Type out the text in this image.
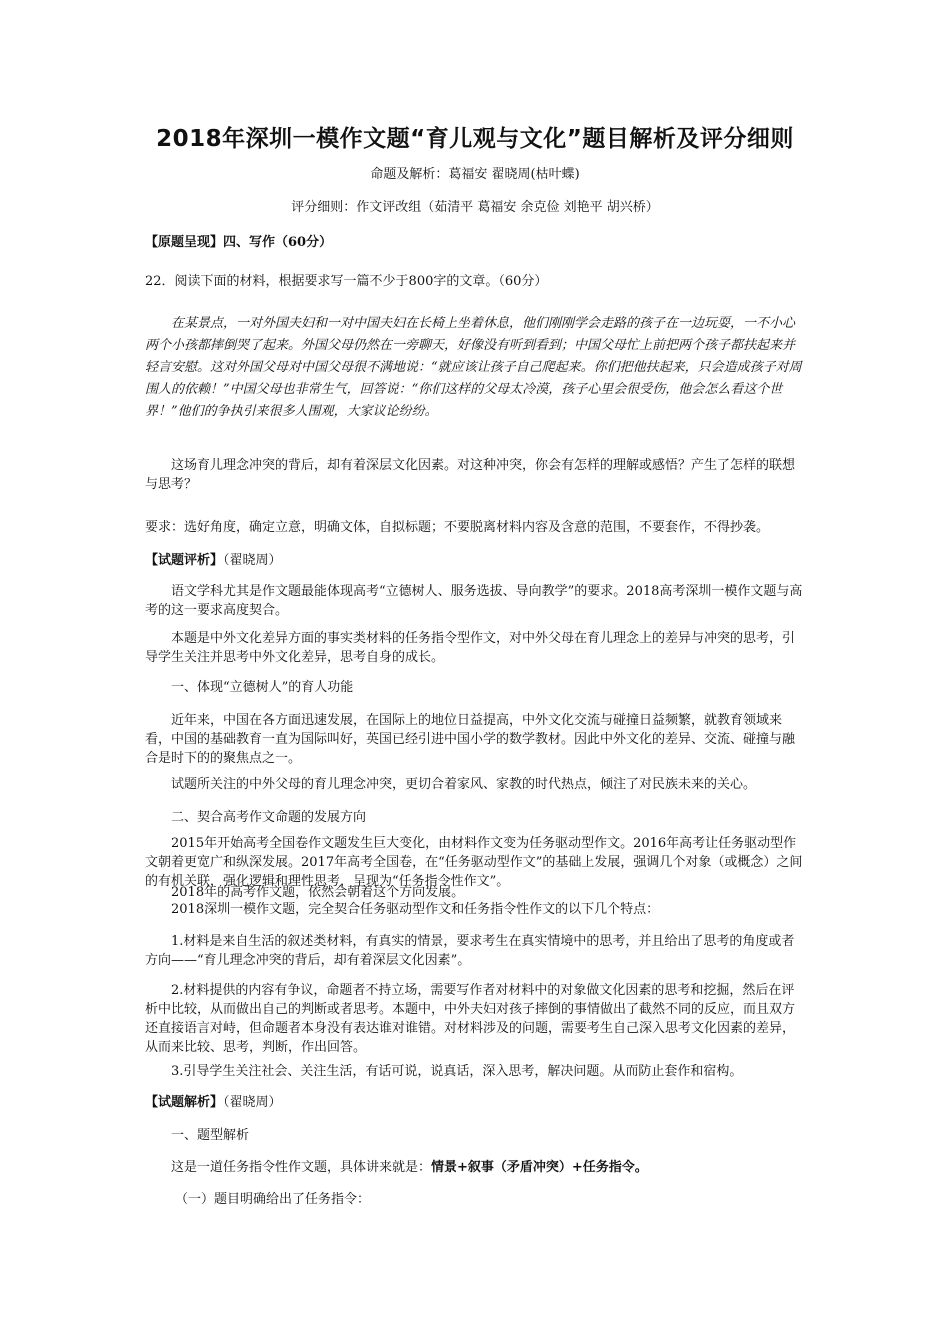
2018年深圳一模作文题“育儿观与文化”题目解析及评分细则
命题及解析：葛福安 翟晓周(枯叶蝶)
评分细则：作文评改组（茹清平 葛福安 余克俭 刘艳平 胡兴桥）
【原题呈现】四、写作（60分）
22．阅读下面的材料，根据要求写一篇不少于800字的文章。（60分）
在某景点，一对外国夫妇和一对中国夫妇在长椅上坐着休息，他们刚刚学会走路的孩子在一边玩耍，一不小心两个小孩都摔倒哭了起来。外国父母仍然在一旁聊天，好像没有听到看到；中国父母忙上前把两个孩子都扶起来并轻言安慰。这对外国父母对中国父母很不满地说：“就应该让孩子自己爬起来。你们把他扶起来，只会造成孩子对周围人的依赖！”中国父母也非常生气，回答说：“你们这样的父母太冷漠，孩子心里会很受伤，他会怎么看这个世界！”他们的争执引来很多人围观，大家议论纷纷。
这场育儿理念冲突的背后，却有着深层文化因素。对这种冲突，你会有怎样的理解或感悟？产生了怎样的联想与思考？
要求：选好角度，确定立意，明确文体，自拟标题；不要脱离材料内容及含意的范围，不要套作，不得抄袭。
【试题评析】（翟晓周）
语文学科尤其是作文题最能体现高考“立德树人、服务选拔、导向教学”的要求。2018高考深圳一模作文题与高考的这一要求高度契合。
本题是中外文化差异方面的事实类材料的任务指令型作文，对中外父母在育儿理念上的差异与冲突的思考，引导学生关注并思考中外文化差异，思考自身的成长。
一、体现“立德树人”的育人功能
近年来，中国在各方面迅速发展，在国际上的地位日益提高，中外文化交流与碰撞日益频繁，就教育领域来看，中国的基础教育一直为国际叫好，英国已经引进中国小学的数学教材。因此中外文化的差异、交流、碰撞与融合是时下的的聚焦点之一。
试题所关注的中外父母的育儿理念冲突，更切合着家风、家教的时代热点，倾注了对民族未来的关心。
二、契合高考作文命题的发展方向
2015年开始高考全国卷作文题发生巨大变化，由材料作文变为任务驱动型作文。2016年高考让任务驱动型作文朝着更宽广和纵深发展。2017年高考全国卷，在“任务驱动型作文”的基础上发展，强调几个对象（或概念）之间的有机关联，强化逻辑和理性思考，呈现为“任务指令性作文”。
2018年的高考作文题，依然会朝着这个方向发展。
2018深圳一模作文题，完全契合任务驱动型作文和任务指令性作文的以下几个特点：
1.材料是来自生活的叙述类材料，有真实的情景，要求考生在真实情境中的思考，并且给出了思考的角度或者方向——“育儿理念冲突的背后，却有着深层文化因素”。
2.材料提供的内容有争议，命题者不持立场，需要写作者对材料中的对象做文化因素的思考和挖掘，然后在评析中比较，从而做出自己的判断或者思考。本题中，中外夫妇对孩子摔倒的事情做出了截然不同的反应，而且双方还直接语言对峙，但命题者本身没有表达谁对谁错。对材料涉及的问题，需要考生自己深入思考文化因素的差异，从而来比较、思考，判断，作出回答。
3.引导学生关注社会、关注生活，有话可说，说真话，深入思考，解决问题。从而防止套作和宿构。
【试题解析】（翟晓周）
一、题型解析
这是一道任务指令性作文题，具体讲来就是：情景+叙事（矛盾冲突）+任务指令。
（一）题目明确给出了任务指令：
